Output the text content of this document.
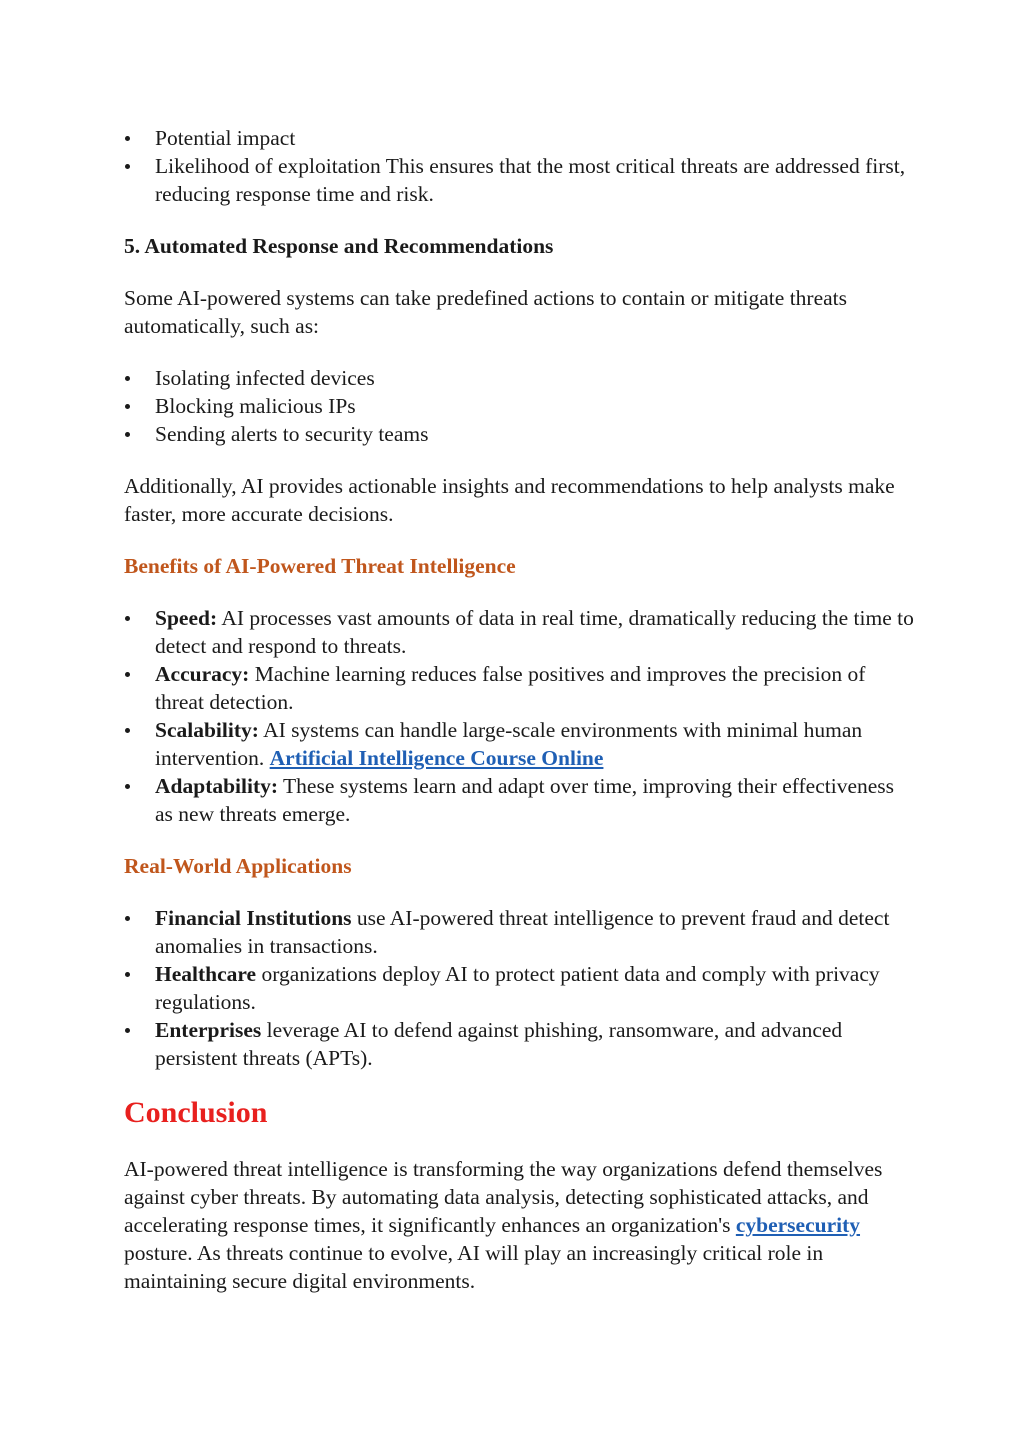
Potential impact
Likelihood of exploitation This ensures that the most critical threats are addressed first, reducing response time and risk.
5. Automated Response and Recommendations

Some AI-powered systems can take predefined actions to contain or mitigate threats automatically, such as:

Isolating infected devices
Blocking malicious IPs
Sending alerts to security teams

Additionally, AI provides actionable insights and recommendations to help analysts make faster, more accurate decisions.

Benefits of AI-Powered Threat Intelligence
Speed: AI processes vast amounts of data in real time, dramatically reducing the time to detect and respond to threats.
Accuracy: Machine learning reduces false positives and improves the precision of threat detection.
Scalability: AI systems can handle large-scale environments with minimal human intervention. Artificial Intelligence Course Online
Adaptability: These systems learn and adapt over time, improving their effectiveness as new threats emerge.
Real-World Applications
Financial Institutions use AI-powered threat intelligence to prevent fraud and detect anomalies in transactions.
Healthcare organizations deploy AI to protect patient data and comply with privacy regulations.
Enterprises leverage AI to defend against phishing, ransomware, and advanced persistent threats (APTs).
Conclusion

AI-powered threat intelligence is transforming the way organizations defend themselves against cyber threats. By automating data analysis, detecting sophisticated attacks, and accelerating response times, it significantly enhances an organization's cybersecurity posture. As threats continue to evolve, AI will play an increasingly critical role in maintaining secure digital environments.
